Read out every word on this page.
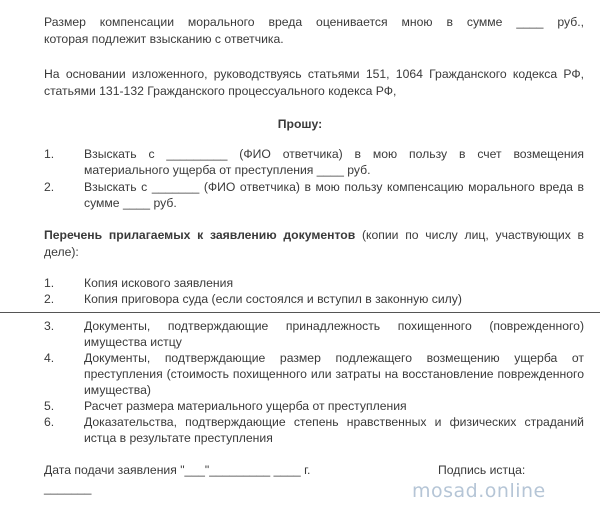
Размер компенсации морального вреда оценивается мною в сумме ____ руб.,
которая подлежит взысканию с ответчика.
На основании изложенного, руководствуясь статьями 151, 1064 Гражданского кодекса РФ, статьями 131-132 Гражданского процессуального кодекса РФ,
Прошу:
1. Взыскать с _________ (ФИО ответчика) в мою пользу в счет возмещения материального ущерба от преступления ____ руб.
2. Взыскать с _______ (ФИО ответчика) в мою пользу компенсацию морального вреда в сумме ____ руб.
Перечень прилагаемых к заявлению документов (копии по числу лиц, участвующих в деле):
1. Копия искового заявления
2. Копия приговора суда (если состоялся и вступил в законную силу)
3. Документы, подтверждающие принадлежность похищенного (поврежденного) имущества истцу
4. Документы, подтверждающие размер подлежащего возмещению ущерба от преступления (стоимость похищенного или затраты на восстановление поврежденного имущества)
5. Расчет размера материального ущерба от преступления
6. Доказательства, подтверждающие степень нравственных и физических страданий истца в результате преступления
Дата подачи заявления "___"_________ ____ г.	Подпись истца:
_______	mosad.online
